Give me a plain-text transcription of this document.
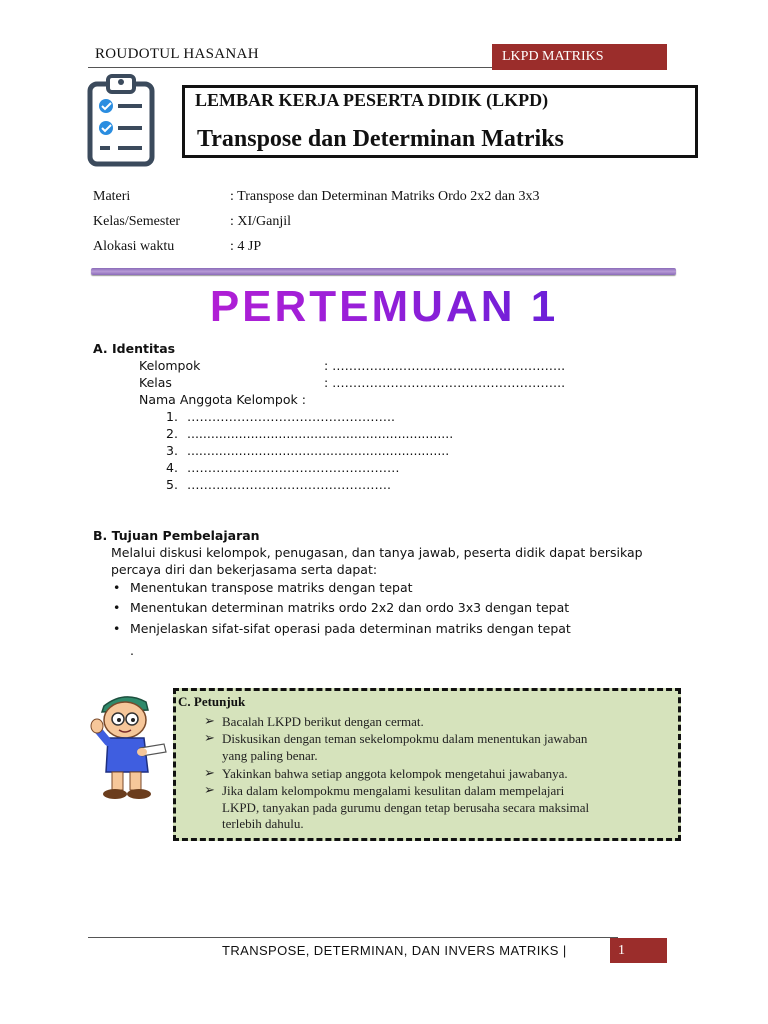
ROUDOTUL HASANAH	LKPD MATRIKS
LEMBAR KERJA PESERTA DIDIK (LKPD)
Transpose dan Determinan Matriks
Materi	: Transpose dan Determinan Matriks Ordo 2x2 dan 3x3
Kelas/Semester	: XI/Ganjil
Alokasi waktu	: 4 JP
PERTEMUAN 1
A. Identitas
Kelompok	: ………………………………………………..
Kelas	: ………………………………………………..
Nama Anggota Kelompok :
1. …………………………………………..
2. ...................................................................
3. ..................................................................
4. ……………………………………………
5. ………………………………………….
B. Tujuan Pembelajaran
Melalui diskusi kelompok, penugasan, dan tanya jawab, peserta didik dapat bersikap
percaya diri dan bekerjasama serta dapat:
• Menentukan transpose matriks dengan tepat
• Menentukan determinan matriks ordo 2x2 dan ordo 3x3 dengan tepat
• Menjelaskan sifat-sifat operasi pada determinan matriks dengan tepat
.
C. Petunjuk
➢ Bacalah LKPD berikut dengan cermat.
➢ Diskusikan dengan teman sekelompokmu dalam menentukan jawaban
yang paling benar.
➢ Yakinkan bahwa setiap anggota kelompok mengetahui jawabanya.
➢ Jika dalam kelompokmu mengalami kesulitan dalam mempelajari
LKPD, tanyakan pada gurumu dengan tetap berusaha secara maksimal
terlebih dahulu.
TRANSPOSE, DETERMINAN, DAN INVERS MATRIKS |	1
